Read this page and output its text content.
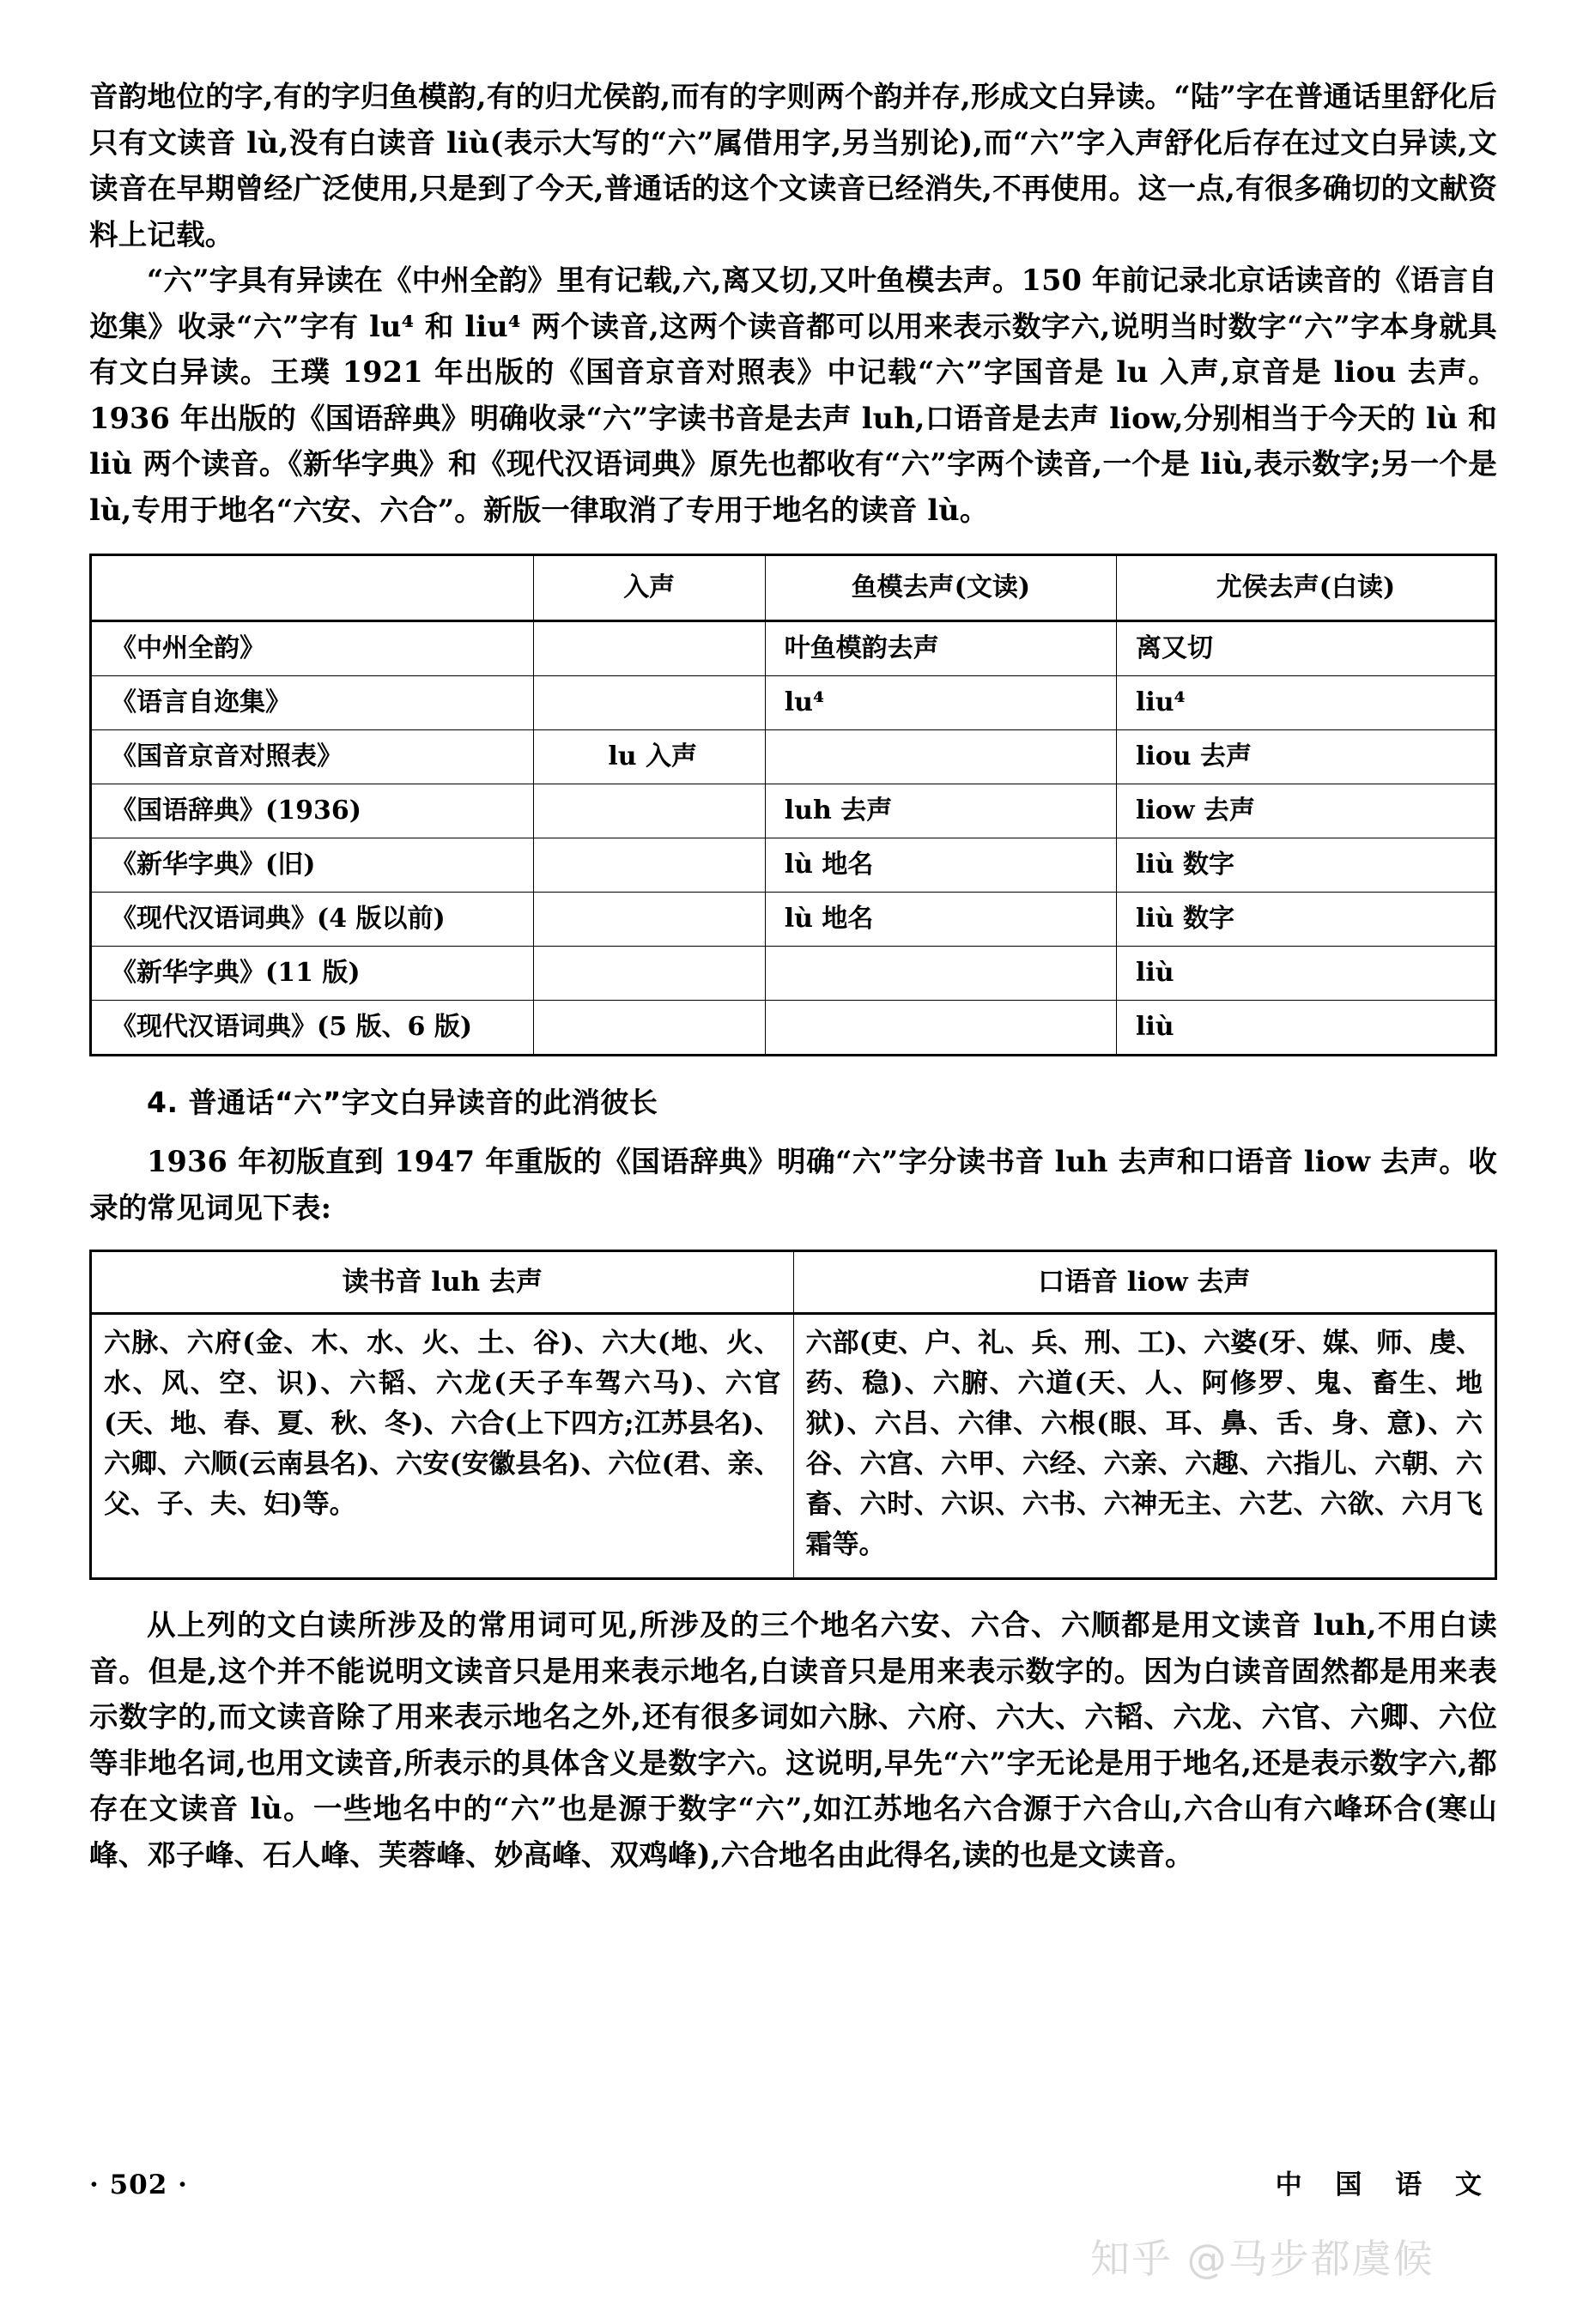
音韵地位的字,有的字归鱼模韵,有的归尤侯韵,而有的字则两个韵并存,形成文白异读。“陆”字在普通话里舒化后只有文读音 lù,没有白读音 liù(表示大写的“六”属借用字,另当别论),而“六”字入声舒化后存在过文白异读,文读音在早期曾经广泛使用,只是到了今天,普通话的这个文读音已经消失,不再使用。这一点,有很多确切的文献资料上记载。

“六”字具有异读在《中州全韵》里有记载,六,离又切,又叶鱼模去声。150 年前记录北京话读音的《语言自迩集》收录“六”字有 lu⁴ 和 liu⁴ 两个读音,这两个读音都可以用来表示数字六,说明当时数字“六”字本身就具有文白异读。王璞 1921 年出版的《国音京音对照表》中记载“六”字国音是 lu 入声,京音是 liou 去声。1936 年出版的《国语辞典》明确收录“六”字读书音是去声 luh,口语音是去声 liow,分别相当于今天的 lù 和 liù 两个读音。《新华字典》和《现代汉语词典》原先也都收有“六”字两个读音,一个是 liù,表示数字;另一个是 lù,专用于地名“六安、六合”。新版一律取消了专用于地名的读音 lù。

	入声	鱼模去声(文读)	尤侯去声(白读)
《中州全韵》		叶鱼模韵去声	离又切
《语言自迩集》		lu⁴	liu⁴
《国音京音对照表》	lu 入声		liou 去声
《国语辞典》(1936)		luh 去声	liow 去声
《新华字典》(旧)		lù 地名	liù 数字
《现代汉语词典》(4 版以前)		lù 地名	liù 数字
《新华字典》(11 版)			liù
《现代汉语词典》(5 版、6 版)			liù
4. 普通话“六”字文白异读音的此消彼长

1936 年初版直到 1947 年重版的《国语辞典》明确“六”字分读书音 luh 去声和口语音 liow 去声。收录的常见词见下表:

读书音 luh 去声	口语音 liow 去声
六脉、六府(金、木、水、火、土、谷)、六大(地、火、水、风、空、识)、六韬、六龙(天子车驾六马)、六官(天、地、春、夏、秋、冬)、六合(上下四方;江苏县名)、六卿、六顺(云南县名)、六安(安徽县名)、六位(君、亲、父、子、夫、妇)等。	六部(吏、户、礼、兵、刑、工)、六婆(牙、媒、师、虔、药、稳)、六腑、六道(天、人、阿修罗、鬼、畜生、地狱)、六吕、六律、六根(眼、耳、鼻、舌、身、意)、六谷、六宫、六甲、六经、六亲、六趣、六指儿、六朝、六畜、六时、六识、六书、六神无主、六艺、六欲、六月飞霜等。

从上列的文白读所涉及的常用词可见,所涉及的三个地名六安、六合、六顺都是用文读音 luh,不用白读音。但是,这个并不能说明文读音只是用来表示地名,白读音只是用来表示数字的。因为白读音固然都是用来表示数字的,而文读音除了用来表示地名之外,还有很多词如六脉、六府、六大、六韬、六龙、六官、六卿、六位等非地名词,也用文读音,所表示的具体含义是数字六。这说明,早先“六”字无论是用于地名,还是表示数字六,都存在文读音 lù。一些地名中的“六”也是源于数字“六”,如江苏地名六合源于六合山,六合山有六峰环合(寒山峰、邓子峰、石人峰、芙蓉峰、妙高峰、双鸡峰),六合地名由此得名,读的也是文读音。

· 502 ·	中 国 语 文
知乎 @马步都虞候
